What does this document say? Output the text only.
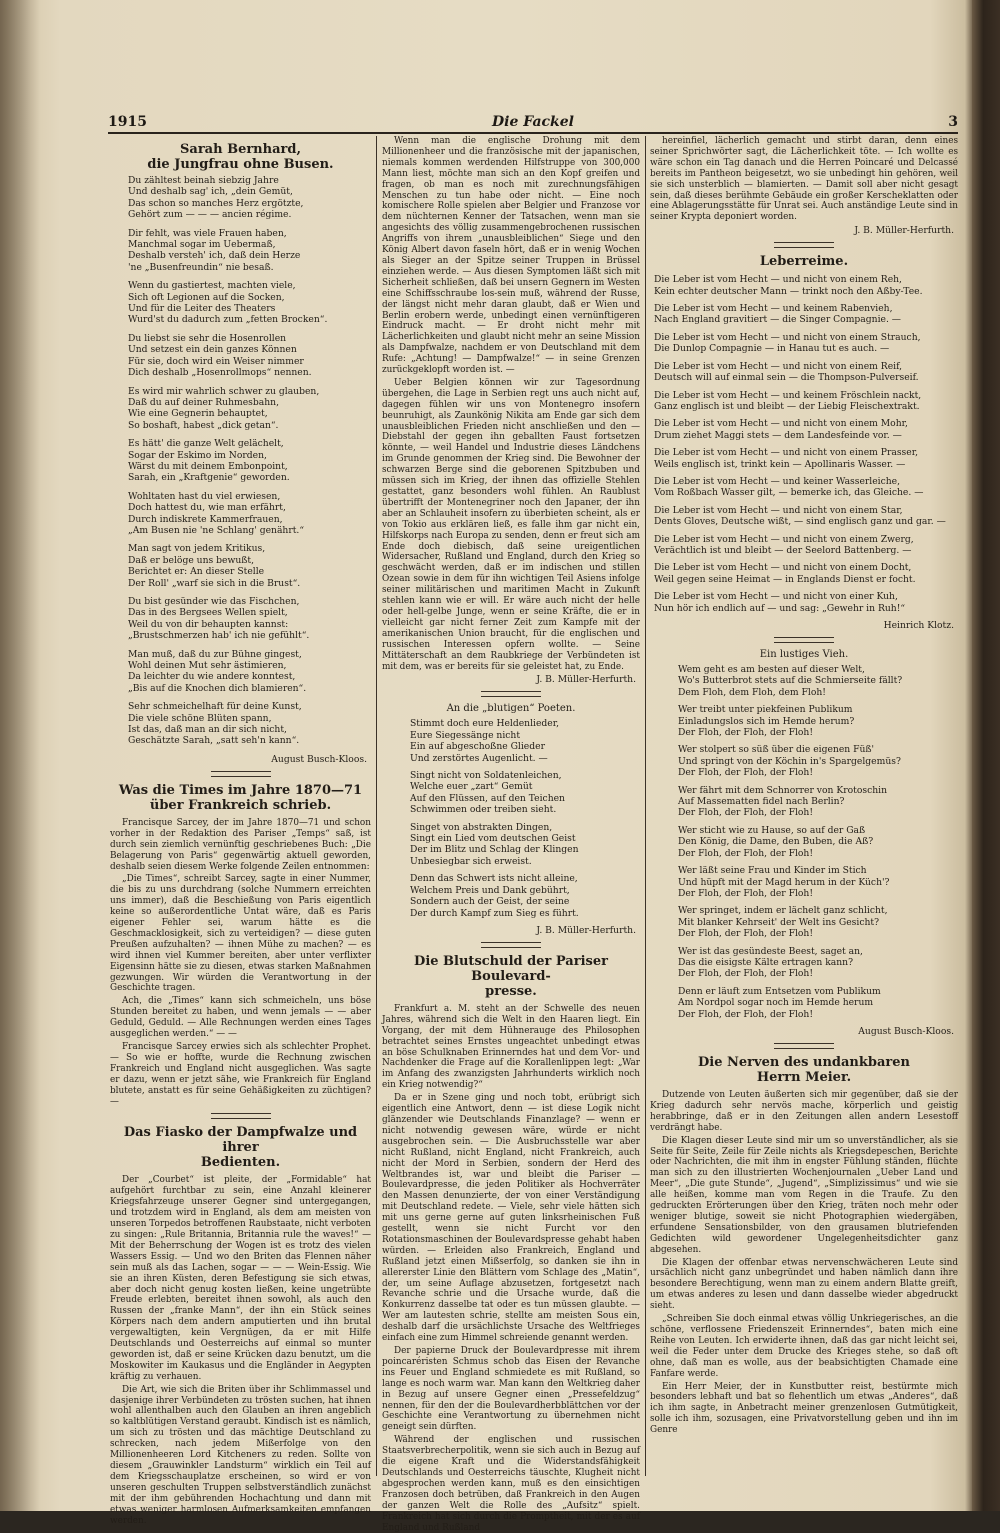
1915	Die Fackel	3
Sarah Bernhard,
die Jungfrau ohne Busen.
Du zähltest beinah siebzig Jahre
Und deshalb sag' ich, „dein Gemüt,
Das schon so manches Herz ergötzte,
Gehört zum — — — ancien régime.
Dir fehlt, was viele Frauen haben,
Manchmal sogar im Uebermaß,
Deshalb versteh' ich, daß dein Herze
'ne „Busenfreundin“ nie besaß.
Wenn du gastiertest, machten viele,
Sich oft Legionen auf die Socken,
Und für die Leiter des Theaters
Wurd'st du dadurch zum „fetten Brocken“.
Du liebst sie sehr die Hosenrollen
Und setzest ein dein ganzes Können
Für sie, doch wird ein Weiser nimmer
Dich deshalb „Hosenrollmops“ nennen.
Es wird mir wahrlich schwer zu glauben,
Daß du auf deiner Ruhmesbahn,
Wie eine Gegnerin behauptet,
So boshaft, habest „dick getan“.
Es hätt' die ganze Welt gelächelt,
Sogar der Eskimo im Norden,
Wärst du mit deinem Embonpoint,
Sarah, ein „Kraftgenie“ geworden.
Wohltaten hast du viel erwiesen,
Doch hattest du, wie man erfährt,
Durch indiskrete Kammerfrauen,
„Am Busen nie 'ne Schlang' genährt.“
Man sagt von jedem Kritikus,
Daß er belöge uns bewußt,
Berichtet er: An dieser Stelle
Der Roll' „warf sie sich in die Brust“.
Du bist gesünder wie das Fischchen,
Das in des Bergsees Wellen spielt,
Weil du von dir behaupten kannst:
„Brustschmerzen hab' ich nie gefühlt“.
Man muß, daß du zur Bühne gingest,
Wohl deinen Mut sehr ästimieren,
Da leichter du wie andere konntest,
„Bis auf die Knochen dich blamieren“.
Sehr schmeichelhaft für deine Kunst,
Die viele schöne Blüten spann,
Ist das, daß man an dir sich nicht,
Geschätzte Sarah, „satt seh'n kann“.
August Busch-Kloos.
Was die Times im Jahre 1870—71
über Frankreich schrieb.

Francisque Sarcey, der im Jahre 1870—71 und schon vorher in der Redaktion des Pariser „Temps“ saß, ist durch sein ziemlich vernünftig geschriebenes Buch: „Die Belagerung von Paris“ gegenwärtig aktuell geworden, deshalb seien diesem Werke folgende Zeilen entnommen:

„Die Times“, schreibt Sarcey, sagte in einer Nummer, die bis zu uns durchdrang (solche Nummern erreichten uns immer), daß die Beschießung von Paris eigentlich keine so außerordentliche Untat wäre, daß es Paris eigener Fehler sei, warum hätte es die Geschmacklosigkeit, sich zu verteidigen? — diese guten Preußen aufzuhalten? — ihnen Mühe zu machen? — es wird ihnen viel Kummer bereiten, aber unter verflixter Eigensinn hätte sie zu diesen, etwas starken Maßnahmen gezwungen. Wir würden die Verantwortung in der Geschichte tragen.

Ach, die „Times“ kann sich schmeicheln, uns böse Stunden bereitet zu haben, und wenn jemals — — aber Geduld, Geduld. — Alle Rechnungen werden eines Tages ausgeglichen werden.“ — —

Francisque Sarcey erwies sich als schlechter Prophet. — So wie er hoffte, wurde die Rechnung zwischen Frankreich und England nicht ausgeglichen. Was sagte er dazu, wenn er jetzt sähe, wie Frankreich für England blutete, anstatt es für seine Gehäßigkeiten zu züchtigen? —

Das Fiasko der Dampfwalze und ihrer
Bedienten.

Der „Courbet“ ist pleite, der „Formidable“ hat aufgehört furchtbar zu sein, eine Anzahl kleinerer Kriegsfahrzeuge unserer Gegner sind untergegangen, und trotzdem wird in England, als dem am meisten von unseren Torpedos betroffenen Raubstaate, nicht verboten zu singen: „Rule Britannia, Britannia rule the waves!“ — Mit der Beherrschung der Wogen ist es trotz des vielen Wassers Essig. — Und wo den Briten das Flennen näher sein muß als das Lachen, sogar — — — Wein-Essig. Wie sie an ihren Küsten, deren Befestigung sie sich etwas, aber doch nicht genug kosten ließen, keine ungetrübte Freude erlebten, bereitet ihnen sowohl, als auch den Russen der „franke Mann“, der ihn ein Stück seines Körpers nach dem andern amputierten und ihn brutal vergewaltigten, kein Vergnügen, da er mit Hilfe Deutschlands und Oesterreichs auf einmal so munter geworden ist, daß er seine Krücken dazu benutzt, um die Moskowiter im Kaukasus und die Engländer in Aegypten kräftig zu verhauen.

Die Art, wie sich die Briten über ihr Schlimmassel und dasjenige ihrer Verbündeten zu trösten suchen, hat ihnen wohl allenthalben auch den Glauben an ihren angeblich so kaltblütigen Verstand geraubt. Kindisch ist es nämlich, um sich zu trösten und das mächtige Deutschland zu schrecken, nach jedem Mißerfolge von den Millionenheeren Lord Kitcheners zu reden. Sollte von diesem „Grauwinkler Landsturm“ wirklich ein Teil auf dem Kriegsschauplatze erscheinen, so wird er von unseren geschulten Truppen selbstverständlich zunächst mit der ihm gebührenden Hochachtung und dann mit etwas weniger harmlosen Aufmerksamkeiten empfangen werden.

Wenn man die englische Drohung mit dem Millionenheer und die französische mit der japanischen, niemals kommen werdenden Hilfstruppe von 300,000 Mann liest, möchte man sich an den Kopf greifen und fragen, ob man es noch mit zurechnungsfähigen Menschen zu tun habe oder nicht. — Eine noch komischere Rolle spielen aber Belgier und Franzose vor dem nüchternen Kenner der Tatsachen, wenn man sie angesichts des völlig zusammengebrochenen russischen Angriffs von ihrem „unausbleiblichen“ Siege und den König Albert davon faseln hört, daß er in wenig Wochen als Sieger an der Spitze seiner Truppen in Brüssel einziehen werde. — Aus diesen Symptomen läßt sich mit Sicherheit schließen, daß bei unsern Gegnern im Westen eine Schiffsschraube los-sein muß, während der Russe, der längst nicht mehr daran glaubt, daß er Wien und Berlin erobern werde, unbedingt einen vernünftigeren Eindruck macht. — Er droht nicht mehr mit Lächerlichkeiten und glaubt nicht mehr an seine Mission als Dampfwalze, nachdem er von Deutschland mit dem Rufe: „Achtung! — Dampfwalze!“ — in seine Grenzen zurückgeklopft worden ist. —

Ueber Belgien können wir zur Tagesordnung übergehen, die Lage in Serbien regt uns auch nicht auf, dagegen fühlen wir uns von Montenegro insofern beunruhigt, als Zaunkönig Nikita am Ende gar sich dem unausbleiblichen Frieden nicht anschließen und den — Diebstahl der gegen ihn geballten Faust fortsetzen könnte, — weil Handel und Industrie dieses Ländchens im Grunde genommen der Krieg sind. Die Bewohner der schwarzen Berge sind die geborenen Spitzbuben und müssen sich im Krieg, der ihnen das offizielle Stehlen gestattet, ganz besonders wohl fühlen. An Raublust übertrifft der Montenegriner noch den Japaner, der ihn aber an Schlauheit insofern zu überbieten scheint, als er von Tokio aus erklären ließ, es falle ihm gar nicht ein, Hilfskorps nach Europa zu senden, denn er freut sich am Ende doch diebisch, daß seine ureigentlichen Widersacher, Rußland und England, durch den Krieg so geschwächt werden, daß er im indischen und stillen Ozean sowie in dem für ihn wichtigen Teil Asiens infolge seiner militärischen und maritimen Macht in Zukunft stehlen kann wie er will. Er wäre auch nicht der helle oder hell-gelbe Junge, wenn er seine Kräfte, die er in vielleicht gar nicht ferner Zeit zum Kampfe mit der amerikanischen Union braucht, für die englischen und russischen Interessen opfern wollte. — Seine Mittäterschaft an dem Raubkriege der Verbündeten ist mit dem, was er bereits für sie geleistet hat, zu Ende.

J. B. Müller-Herfurth.
An die „blutigen“ Poeten.
Stimmt doch eure Heldenlieder,
Eure Siegessänge nicht
Ein auf abgeschoßne Glieder
Und zerstörtes Augenlicht. —
Singt nicht von Soldatenleichen,
Welche euer „zart“ Gemüt
Auf den Flüssen, auf den Teichen
Schwimmen oder treiben sieht.
Singet von abstrakten Dingen,
Singt ein Lied vom deutschen Geist
Der im Blitz und Schlag der Klingen
Unbesiegbar sich erweist.
Denn das Schwert ists nicht alleine,
Welchem Preis und Dank gebührt,
Sondern auch der Geist, der seine
Der durch Kampf zum Sieg es führt.
J. B. Müller-Herfurth.
Die Blutschuld der Pariser Boulevard-
presse.

Frankfurt a. M. steht an der Schwelle des neuen Jahres, während sich die Welt in den Haaren liegt. Ein Vorgang, der mit dem Hühnerauge des Philosophen betrachtet seines Ernstes ungeachtet unbedingt etwas an böse Schulknaben Erinnerndes hat und dem Vor- und Nachdenker die Frage auf die Korallenlippen legt: „War im Anfang des zwanzigsten Jahrhunderts wirklich noch ein Krieg notwendig?“

Da er in Szene ging und noch tobt, erübrigt sich eigentlich eine Antwort, denn — ist diese Logik nicht glänzender wie Deutschlands Finanzlage? — wenn er nicht notwendig gewesen wäre, würde er nicht ausgebrochen sein. — Die Ausbruchsstelle war aber nicht Rußland, nicht England, nicht Frankreich, auch nicht der Mord in Serbien, sondern der Herd des Weltbrandes ist, war und bleibt die Pariser — Boulevardpresse, die jeden Politiker als Hochverräter den Massen denunzierte, der von einer Verständigung mit Deutschland redete. — Viele, sehr viele hätten sich mit uns gerne gerne auf guten linksrheinischen Fuß gestellt, wenn sie nicht Furcht vor den Rotationsmaschinen der Boulevardspresse gehabt haben würden. — Erleiden also Frankreich, England und Rußland jetzt einen Mißserfolg, so danken sie ihn in allererster Linie den Blättern vom Schlage des „Matin“, der, um seine Auflage abzusetzen, fortgesetzt nach Revanche schrie und die Ursache wurde, daß die Konkurrenz dasselbe tat oder es tun müssen glaubte. — Wer am lautesten schrie, stellte am meisten Sous ein, deshalb darf die ursächlichste Ursache des Weltfrieges einfach eine zum Himmel schreiende genannt werden.

Der papierne Druck der Boulevardpresse mit ihrem poincaréristen Schmus schob das Eisen der Revanche ins Feuer und England schmiedete es mit Rußland, so lange es noch warm war. Man kann den Weltkrieg daher in Bezug auf unsere Gegner einen „Pressefeldzug“ nennen, für den der die Boulevardherbblättchen vor der Geschichte eine Verantwortung zu übernehmen nicht geneigt sein dürften.

Während der englischen und russischen Staatsverbrecherpolitik, wenn sie sich auch in Bezug auf die eigene Kraft und die Widerstandsfähigkeit Deutschlands und Oesterreichs täuschte, Klugheit nicht abgesprochen werden kann, muß es den einsichtigen Franzosen doch betrüben, daß Frankreich in den Augen der ganzen Welt die Rolle des „Aufsitz“ spielt. Frankreich hat sich durch die Promptheit, mit der es auf England und Rußland

hereinfiel, lächerlich gemacht und stirbt daran, denn eines seiner Sprichwörter sagt, die Lächerlichkeit töte. — Ich wollte es wäre schon ein Tag danach und die Herren Poincaré und Delcassé bereits im Pantheon beigesetzt, wo sie unbedingt hin gehören, weil sie sich unsterblich — blamierten. — Damit soll aber nicht gesagt sein, daß dieses berühmte Gebäude ein großer Kerscheklatten oder eine Ablagerungsstätte für Unrat sei. Auch anständige Leute sind in seiner Krypta deponiert worden.

J. B. Müller-Herfurth.
Leberreime.
Die Leber ist vom Hecht — und nicht von einem Reh,
Kein echter deutscher Mann — trinkt noch den Aßby-Tee.
Die Leber ist vom Hecht — und keinem Rabenvieh,
Nach England gravitiert — die Singer Compagnie. —
Die Leber ist vom Hecht — und nicht von einem Strauch,
Die Dunlop Compagnie — in Hanau tut es auch. —
Die Leber ist vom Hecht — und nicht von einem Reif,
Deutsch will auf einmal sein — die Thompson-Pulverseif.
Die Leber ist vom Hecht — und keinem Fröschlein nackt,
Ganz englisch ist und bleibt — der Liebig Fleischextrakt.
Die Leber ist vom Hecht — und nicht von einem Mohr,
Drum ziehet Maggi stets — dem Landesfeinde vor. —
Die Leber ist vom Hecht — und nicht von einem Prasser,
Weils englisch ist, trinkt kein — Apollinaris Wasser. —
Die Leber ist vom Hecht — und keiner Wasserleiche,
Vom Roßbach Wasser gilt, — bemerke ich, das Gleiche. —
Die Leber ist vom Hecht — und nicht von einem Star,
Dents Gloves, Deutsche wißt, — sind englisch ganz und gar. —
Die Leber ist vom Hecht — und nicht von einem Zwerg,
Verächtlich ist und bleibt — der Seelord Battenberg. —
Die Leber ist vom Hecht — und nicht von einem Docht,
Weil gegen seine Heimat — in Englands Dienst er focht.
Die Leber ist vom Hecht — und nicht von einer Kuh,
Nun hör ich endlich auf — und sag: „Gewehr in Ruh!“
Heinrich Klotz.
Ein lustiges Vieh.
Wem geht es am besten auf dieser Welt,
Wo's Butterbrot stets auf die Schmierseite fällt?
Dem Floh, dem Floh, dem Floh!
Wer treibt unter piekfeinen Publikum
Einladungslos sich im Hemde herum?
Der Floh, der Floh, der Floh!
Wer stolpert so süß über die eigenen Füß'
Und springt von der Köchin in's Spargelgemüs?
Der Floh, der Floh, der Floh!
Wer fährt mit dem Schnorrer von Krotoschin
Auf Massematten fidel nach Berlin?
Der Floh, der Floh, der Floh!
Wer sticht wie zu Hause, so auf der Gaß
Den König, die Dame, den Buben, die Aß?
Der Floh, der Floh, der Floh!
Wer läßt seine Frau und Kinder im Stich
Und hüpft mit der Magd herum in der Küch'?
Der Floh, der Floh, der Floh!
Wer springet, indem er lächelt ganz schlicht,
Mit blanker Kehrseit' der Welt ins Gesicht?
Der Floh, der Floh, der Floh!
Wer ist das gesündeste Beest, saget an,
Das die eisigste Kälte ertragen kann?
Der Floh, der Floh, der Floh!
Denn er läuft zum Entsetzen vom Publikum
Am Nordpol sogar noch im Hemde herum
Der Floh, der Floh, der Floh!
August Busch-Kloos.
Die Nerven des undankbaren
Herrn Meier.

Dutzende von Leuten äußerten sich mir gegenüber, daß sie der Krieg dadurch sehr nervös mache, körperlich und geistig herabbringe, daß er in den Zeitungen allen andern Lesestoff verdrängt habe.

Die Klagen dieser Leute sind mir um so unverständlicher, als sie Seite für Seite, Zeile für Zeile nichts als Kriegsdepeschen, Berichte oder Nachrichten, die mit ihm in engster Fühlung ständen, flüchte man sich zu den illustrierten Wochenjournalen „Ueber Land und Meer“, „Die gute Stunde“, „Jugend“, „Simplizissimus“ und wie sie alle heißen, komme man vom Regen in die Traufe. Zu den gedruckten Erörterungen über den Krieg, träten noch mehr oder weniger blutige, soweit sie nicht Photographien wiedergäben, erfundene Sensationsbilder, von den grausamen blutriefenden Gedichten wild gewordener Ungelegenheitsdichter ganz abgesehen.

Die Klagen der offenbar etwas nervenschwächeren Leute sind ursächlich nicht ganz unbegründet und haben nämlich dann ihre besondere Berechtigung, wenn man zu einem andern Blatte greift, um etwas anderes zu lesen und dann dasselbe wieder abgedruckt sieht.

„Schreiben Sie doch einmal etwas völlig Unkriegerisches, an die schöne, verflossene Friedenszeit Erinnerndes“, baten mich eine Reihe von Leuten. Ich erwiderte ihnen, daß das gar nicht leicht sei, weil die Feder unter dem Drucke des Krieges stehe, so daß oft ohne, daß man es wolle, aus der beabsichtigten Chamade eine Fanfare werde.

Ein Herr Meier, der in Kunstbutter reist, bestürmte mich besonders lebhaft und bat so flehentlich um etwas „Anderes“, daß ich ihm sagte, in Anbetracht meiner grenzenlosen Gutmütigkeit, solle ich ihm, sozusagen, eine Privatvorstellung geben und ihn im Genre
